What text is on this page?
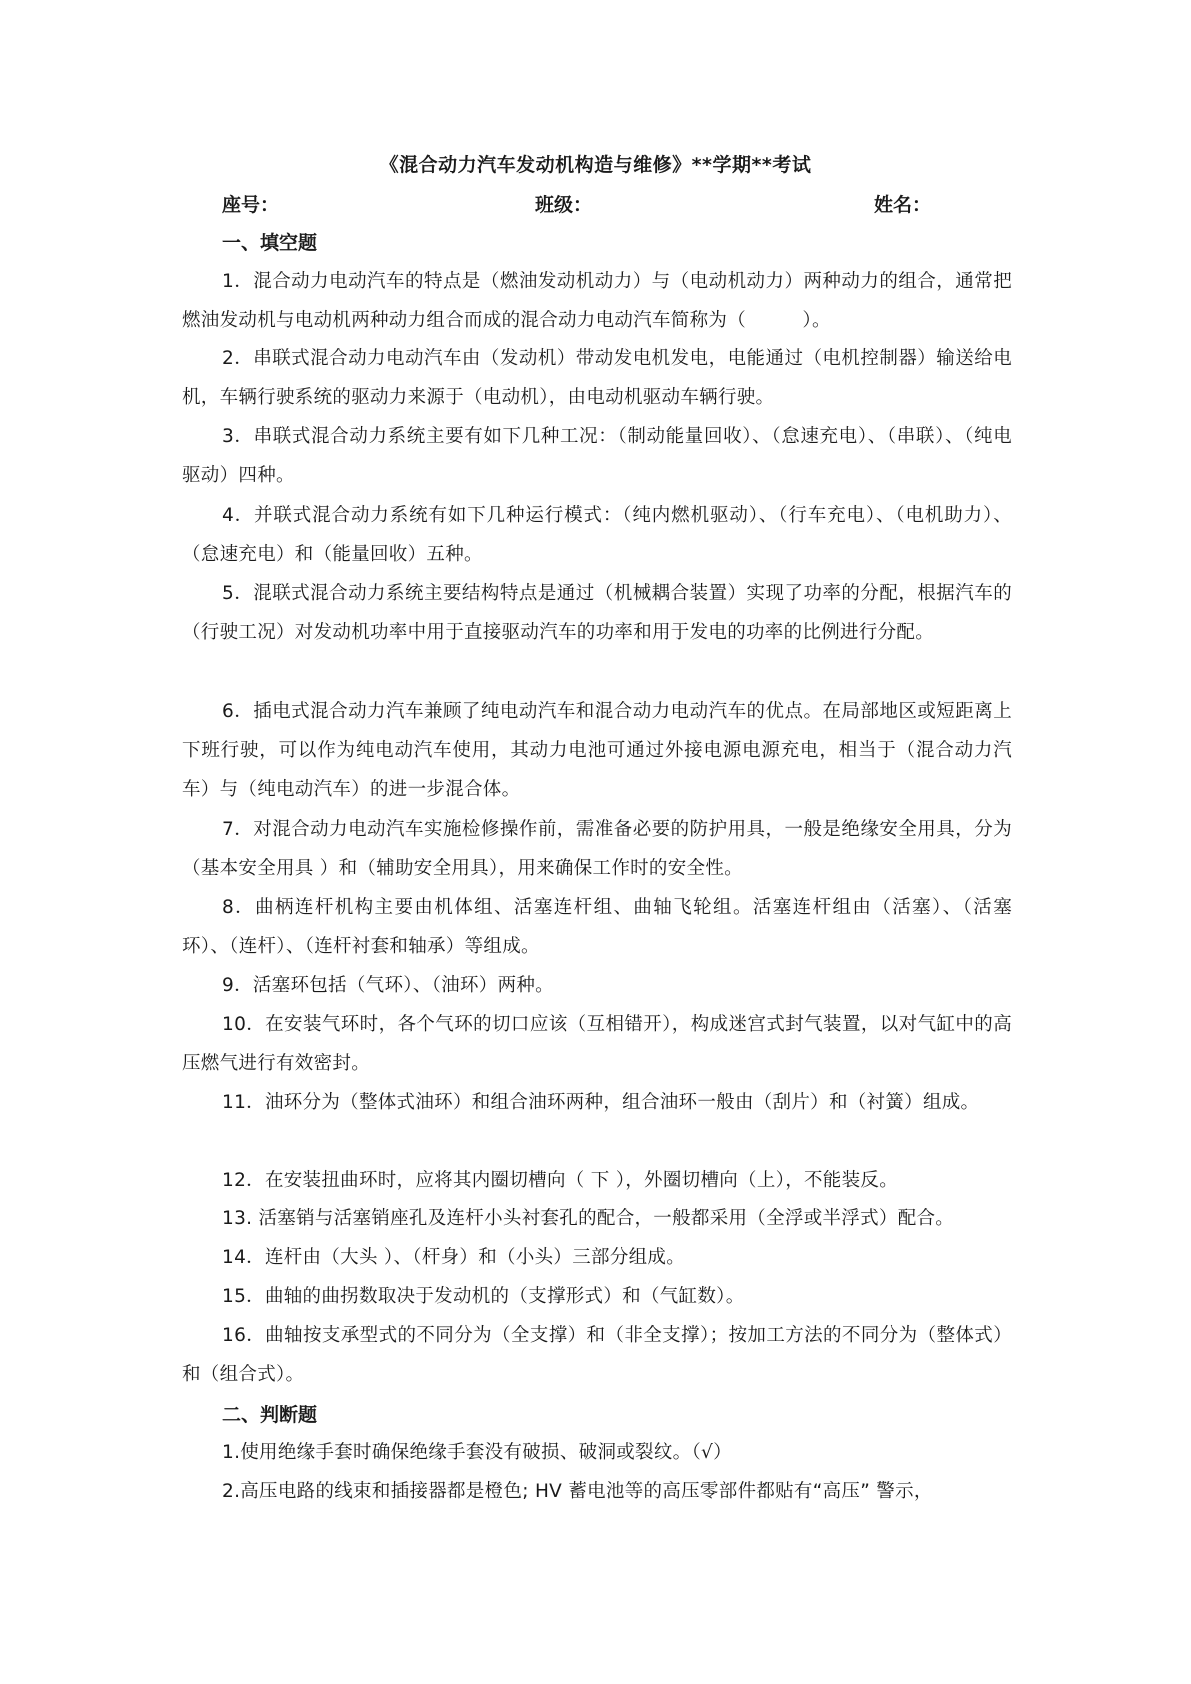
《混合动力汽车发动机构造与维修》**学期**考试
座号：	班级：	姓名：
一、填空题
1．混合动力电动汽车的特点是（燃油发动机动力）与（电动机动力）两种动力的组合，通常把燃油发动机与电动机两种动力组合而成的混合动力电动汽车简称为（　　　）。
2．串联式混合动力电动汽车由（发动机）带动发电机发电，电能通过（电机控制器）输送给电机，车辆行驶系统的驱动力来源于（电动机），由电动机驱动车辆行驶。
3．串联式混合动力系统主要有如下几种工况：（制动能量回收）、（怠速充电）、（串联）、（纯电驱动）四种。
4．并联式混合动力系统有如下几种运行模式：（纯内燃机驱动）、（行车充电）、（电机助力）、（怠速充电）和（能量回收）五种。
5．混联式混合动力系统主要结构特点是通过（机械耦合装置）实现了功率的分配，根据汽车的（行驶工况）对发动机功率中用于直接驱动汽车的功率和用于发电的功率的比例进行分配。
6．插电式混合动力汽车兼顾了纯电动汽车和混合动力电动汽车的优点。在局部地区或短距离上下班行驶，可以作为纯电动汽车使用，其动力电池可通过外接电源电源充电，相当于（混合动力汽车）与（纯电动汽车）的进一步混合体。
7．对混合动力电动汽车实施检修操作前，需准备必要的防护用具，一般是绝缘安全用具，分为（基本安全用具 ）和（辅助安全用具），用来确保工作时的安全性。
8．曲柄连杆机构主要由机体组、活塞连杆组、曲轴飞轮组。活塞连杆组由（活塞）、（活塞环）、（连杆）、（连杆衬套和轴承）等组成。
9．活塞环包括（气环）、（油环）两种。
10．在安装气环时，各个气环的切口应该（互相错开），构成迷宫式封气装置，以对气缸中的高压燃气进行有效密封。
11．油环分为（整体式油环）和组合油环两种，组合油环一般由（刮片）和（衬簧）组成。
12．在安装扭曲环时，应将其内圈切槽向（ 下 ），外圈切槽向（上），不能装反。
13. 活塞销与活塞销座孔及连杆小头衬套孔的配合，一般都采用（全浮或半浮式）配合。
14．连杆由（大头 ）、（杆身）和（小头）三部分组成。
15．曲轴的曲拐数取决于发动机的（支撑形式）和（气缸数）。
16．曲轴按支承型式的不同分为（全支撑）和（非全支撑）；按加工方法的不同分为（整体式）和（组合式）。
二、判断题
1.使用绝缘手套时确保绝缘手套没有破损、破洞或裂纹。（√）
2.高压电路的线束和插接器都是橙色; HV 蓄电池等的高压零部件都贴有“高压” 警示，
